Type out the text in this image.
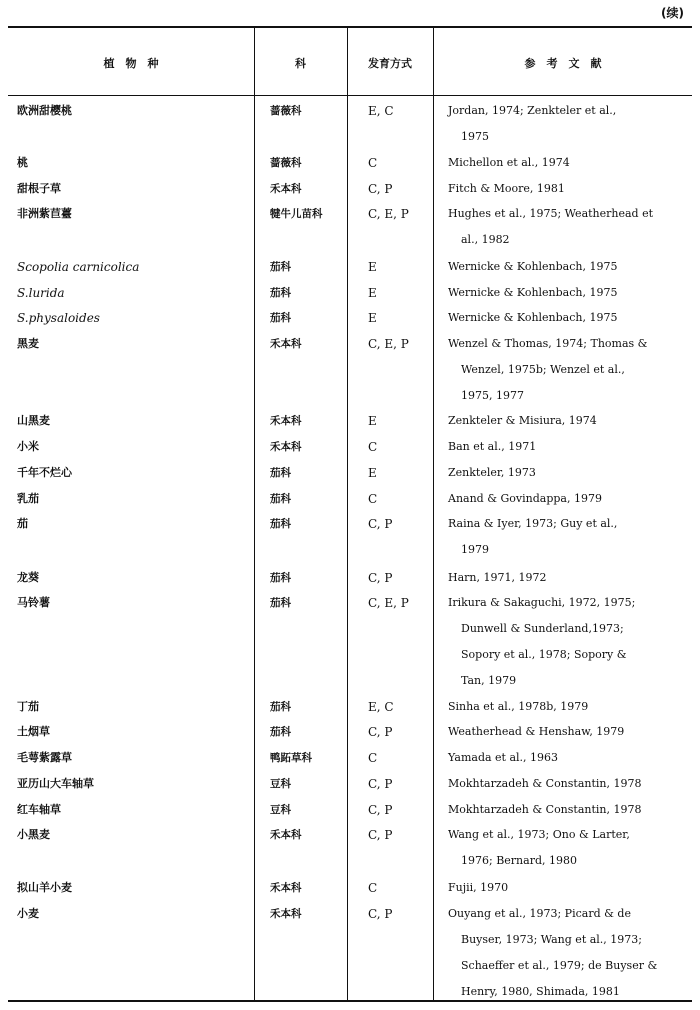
(续)
植　物　种	科	发育方式	参　考　文　献
欧洲甜樱桃	蔷薇科	E, C	Jordan, 1974; Zenkteler et al.,
1975
桃	蔷薇科	C	Michellon et al., 1974
甜根子草	禾本科	C, P	Fitch & Moore, 1981
非洲紫苣薹	犍牛儿苗科	C, E, P	Hughes et al., 1975; Weatherhead et
al., 1982
Scopolia carnicolica	茄科	E	Wernicke & Kohlenbach, 1975
S.lurida	茄科	E	Wernicke & Kohlenbach, 1975
S.physaloides	茄科	E	Wernicke & Kohlenbach, 1975
黑麦	禾本科	C, E, P	Wenzel & Thomas, 1974; Thomas &
Wenzel, 1975b; Wenzel et al.,
1975, 1977
山黑麦	禾本科	E	Zenkteler & Misiura, 1974
小米	禾本科	C	Ban et al., 1971
千年不烂心	茄科	E	Zenkteler, 1973
乳茄	茄科	C	Anand & Govindappa, 1979
茄	茄科	C, P	Raina & Iyer, 1973; Guy et al.,
1979
龙葵	茄科	C, P	Harn, 1971, 1972
马铃薯	茄科	C, E, P	Irikura & Sakaguchi, 1972, 1975;
Dunwell & Sunderland,1973;
Sopory et al., 1978; Sopory &
Tan, 1979
丁茄	茄科	E, C	Sinha et al., 1978b, 1979
土烟草	茄科	C, P	Weatherhead & Henshaw, 1979
毛萼紫露草	鸭跖草科	C	Yamada et al., 1963
亚历山大车轴草	豆科	C, P	Mokhtarzadeh & Constantin, 1978
红车轴草	豆科	C, P	Mokhtarzadeh & Constantin, 1978
小黑麦	禾本科	C, P	Wang et al., 1973; Ono & Larter,
1976; Bernard, 1980
拟山羊小麦	禾本科	C	Fujii, 1970
小麦	禾本科	C, P	Ouyang et al., 1973; Picard & de
Buyser, 1973; Wang et al., 1973;
Schaeffer et al., 1979; de Buyser &
Henry, 1980, Shimada, 1981
